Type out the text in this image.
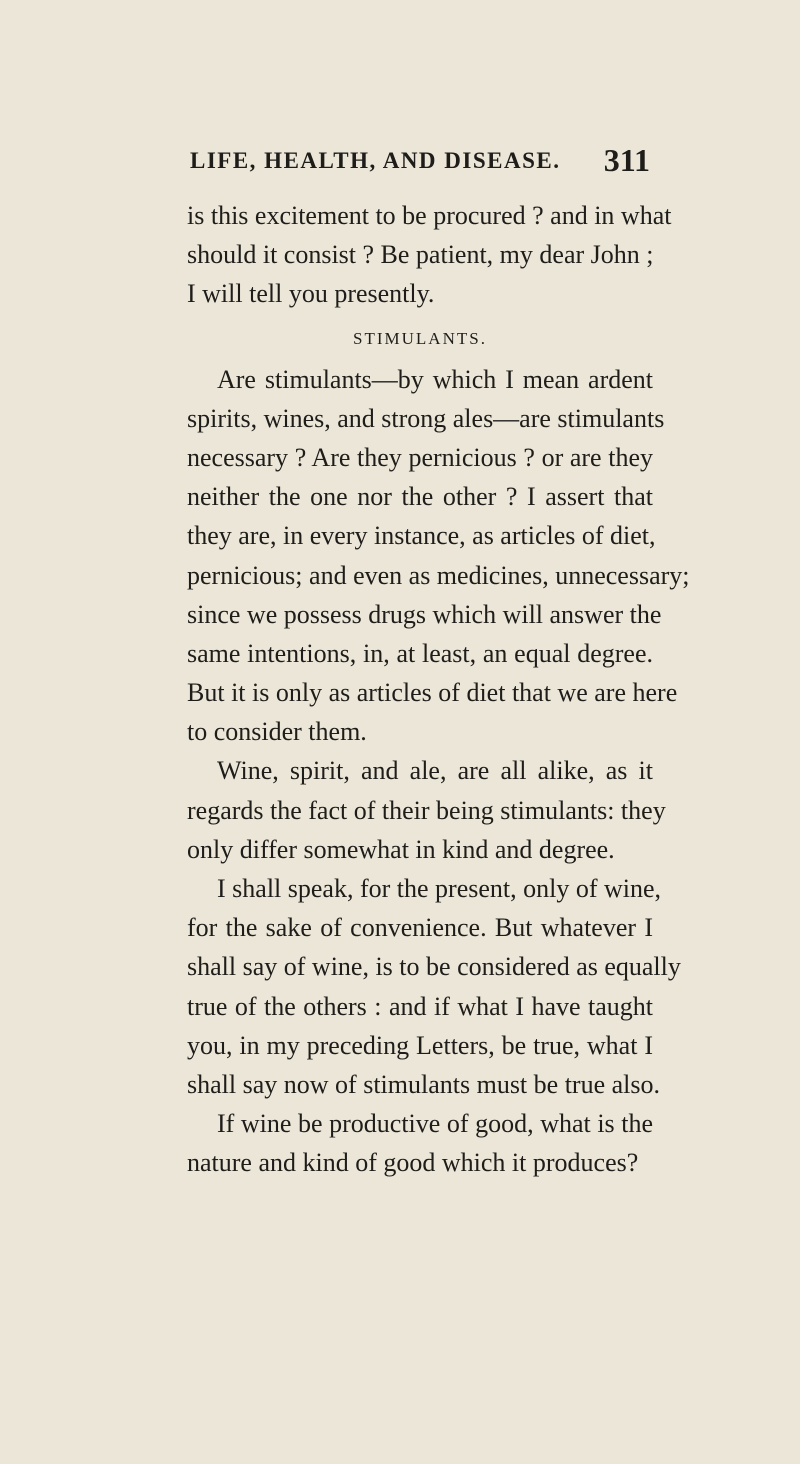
LIFE, HEALTH, AND DISEASE. 311
is this excitement to be procured ? and in what
should it consist ? Be patient, my dear John ;
I will tell you presently.
STIMULANTS.
Are stimulants—by which I mean ardent
spirits, wines, and strong ales—are stimulants
necessary ? Are they pernicious ? or are they
neither the one nor the other ? I assert that
they are, in every instance, as articles of diet,
pernicious; and even as medicines, unnecessary;
since we possess drugs which will answer the
same intentions, in, at least, an equal degree.
But it is only as articles of diet that we are here
to consider them.
Wine, spirit, and ale, are all alike, as it
regards the fact of their being stimulants: they
only differ somewhat in kind and degree.
I shall speak, for the present, only of wine,
for the sake of convenience. But whatever I
shall say of wine, is to be considered as equally
true of the others : and if what I have taught
you, in my preceding Letters, be true, what I
shall say now of stimulants must be true also.
If wine be productive of good, what is the
nature and kind of good which it produces?
